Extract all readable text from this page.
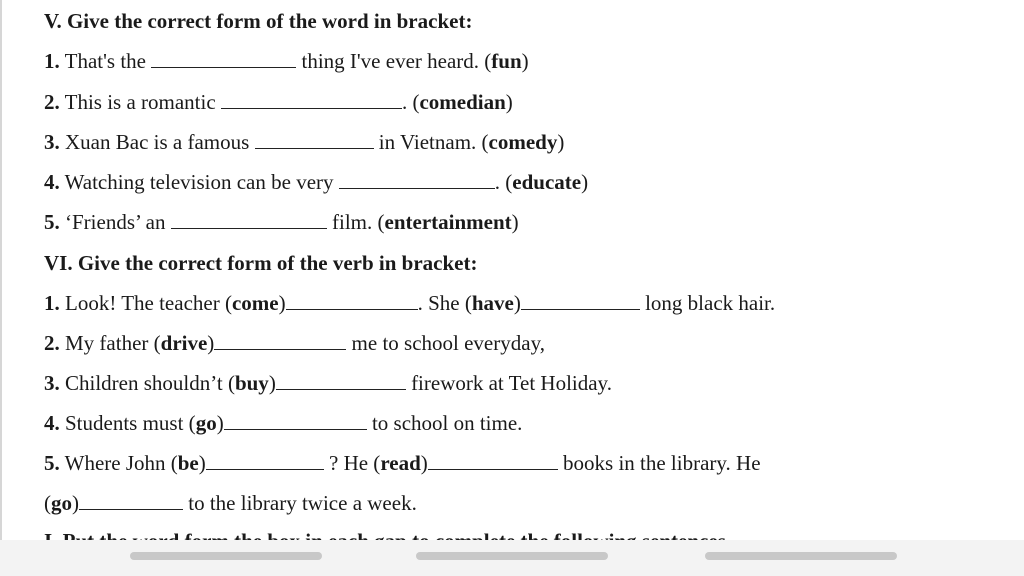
V. Give the correct form of the word in bracket:
1. That's the	thing I've ever heard. (fun)
2. This is a romantic	. (comedian)
3. Xuan Bac is a famous	in Vietnam. (comedy)
4. Watching television can be very	. (educate)
5. ‘Friends’ an	film. (entertainment)
VI. Give the correct form of the verb in bracket:
1. Look! The teacher (come)	. She (have)	long black hair.
2. My father (drive)	me to school everyday,
3. Children shouldn’t (buy)	firework at Tet Holiday.
4. Students must (go)	to school on time.
5. Where John (be)	? He (read)	books in the library. He
(go)	to the library twice a week.
